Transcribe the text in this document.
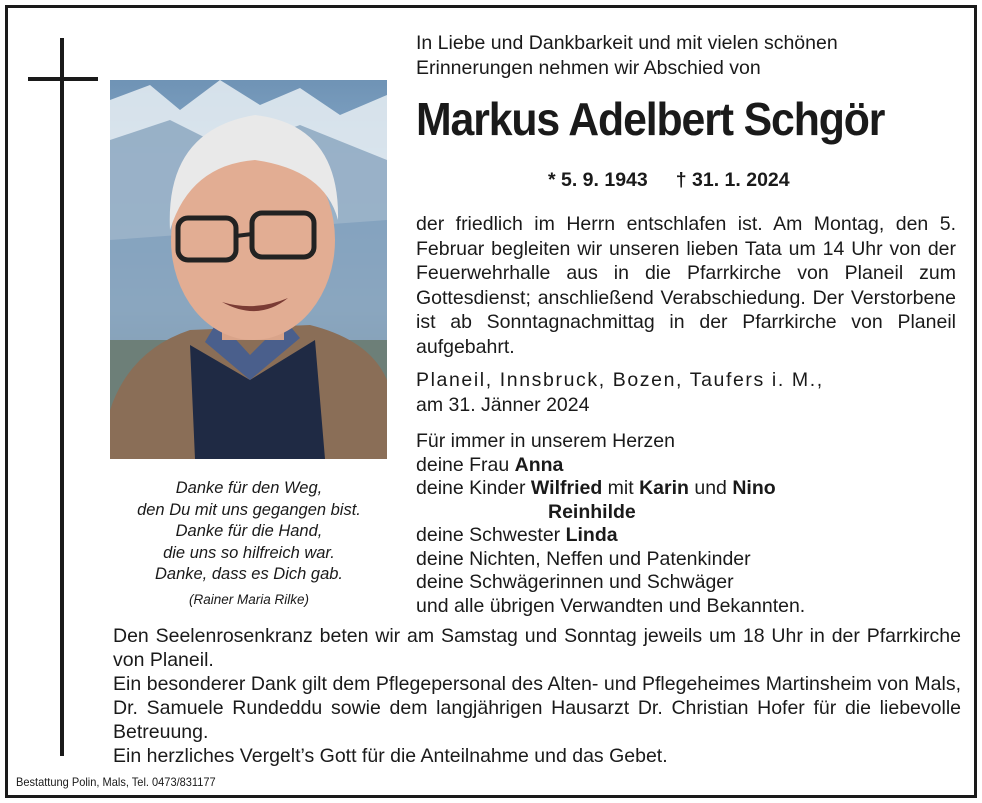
In Liebe und Dankbarkeit und mit vielen schönen Erinnerungen nehmen wir Abschied von
Markus Adelbert Schgör
* 5. 9. 1943 † 31. 1. 2024
der friedlich im Herrn entschlafen ist. Am Montag, den 5. Februar begleiten wir unseren lieben Tata um 14 Uhr von der Feuerwehrhalle aus in die Pfarrkirche von Planeil zum Gottesdienst; anschließend Verabschiedung. Der Verstorbene ist ab Sonntagnachmittag in der Pfarrkirche von Planeil aufgebahrt.
Planeil, Innsbruck, Bozen, Taufers i. M.,
am 31. Jänner 2024
Für immer in unserem Herzen
deine Frau Anna
deine Kinder Wilfried mit Karin und Nino
Reinhilde
deine Schwester Linda
deine Nichten, Neffen und Patenkinder
deine Schwägerinnen und Schwäger
und alle übrigen Verwandten und Bekannten.
Danke für den Weg,
den Du mit uns gegangen bist.
Danke für die Hand,
die uns so hilfreich war.
Danke, dass es Dich gab.
(Rainer Maria Rilke)

Den Seelenrosenkranz beten wir am Samstag und Sonntag jeweils um 18 Uhr in der Pfarrkirche von Planeil.

Ein besonderer Dank gilt dem Pflegepersonal des Alten- und Pflegeheimes Martinsheim von Mals, Dr. Samuele Rundeddu sowie dem langjährigen Hausarzt Dr. Christian Hofer für die liebevolle Betreuung.

Ein herzliches Vergelt’s Gott für die Anteilnahme und das Gebet.

Bestattung Polin, Mals, Tel. 0473/831177
